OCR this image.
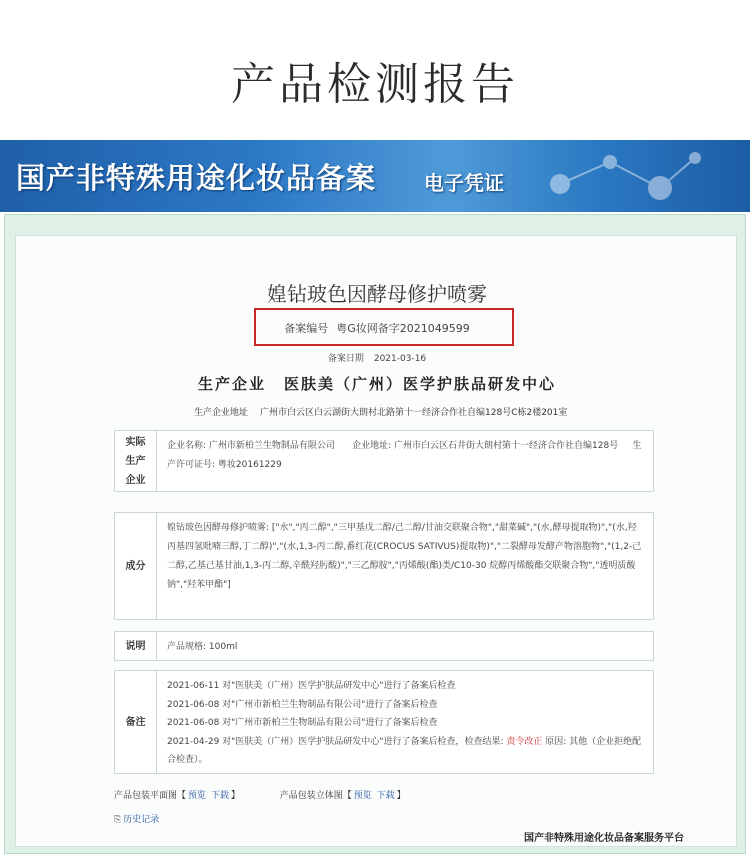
产品检测报告
国产非特殊用途化妆品备案 电子凭证
媓钻玻色因酵母修护喷雾
备案编号 粤G妆网备字2021049599
备案日期 2021-03-16
生产企业 医肤美（广州）医学护肤品研发中心
生产企业地址 广州市白云区白云湖街大朗村北路第十一经济合作社自编128号C栋2楼201室
实际生产企业
企业名称: 广州市新柏兰生物制品有限公司 企业地址: 广州市白云区石井街大朗村第十一经济合作社自编128号 生产许可证号: 粤妆20161229
成分
媓钻玻色因酵母修护喷雾: ["水","丙二醇","三甲基戊二醇/己二醇/甘油交联聚合物","甜菜碱","(水,酵母提取物)","(水,羟丙基四氢吡喃三醇,丁二醇)","(水,1,3-丙二醇,番红花(CROCUS SATIVUS)提取物)","二裂酵母发酵产物溶胞物","(1,2-己二醇,乙基己基甘油,1,3-丙二醇,辛酰羟肟酸)","三乙醇胺","丙烯酸(酯)类/C10-30 烷醇丙烯酸酯交联聚合物","透明质酸钠","羟苯甲酯"]
说明	产品规格: 100ml
备注
2021-06-11 对"医肤美（广州）医学护肤品研发中心"进行了备案后检查
2021-06-08 对"广州市新柏兰生物制品有限公司"进行了备案后检查
2021-06-08 对"广州市新柏兰生物制品有限公司"进行了备案后检查
2021-04-29 对"医肤美（广州）医学护肤品研发中心"进行了备案后检查，检查结果: 责令改正 原因: 其他（企业拒绝配合检查）。
产品包装平面图【 预览 下载 】	产品包装立体图【 预览 下载 】
⎘ 历史记录
国产非特殊用途化妆品备案服务平台
